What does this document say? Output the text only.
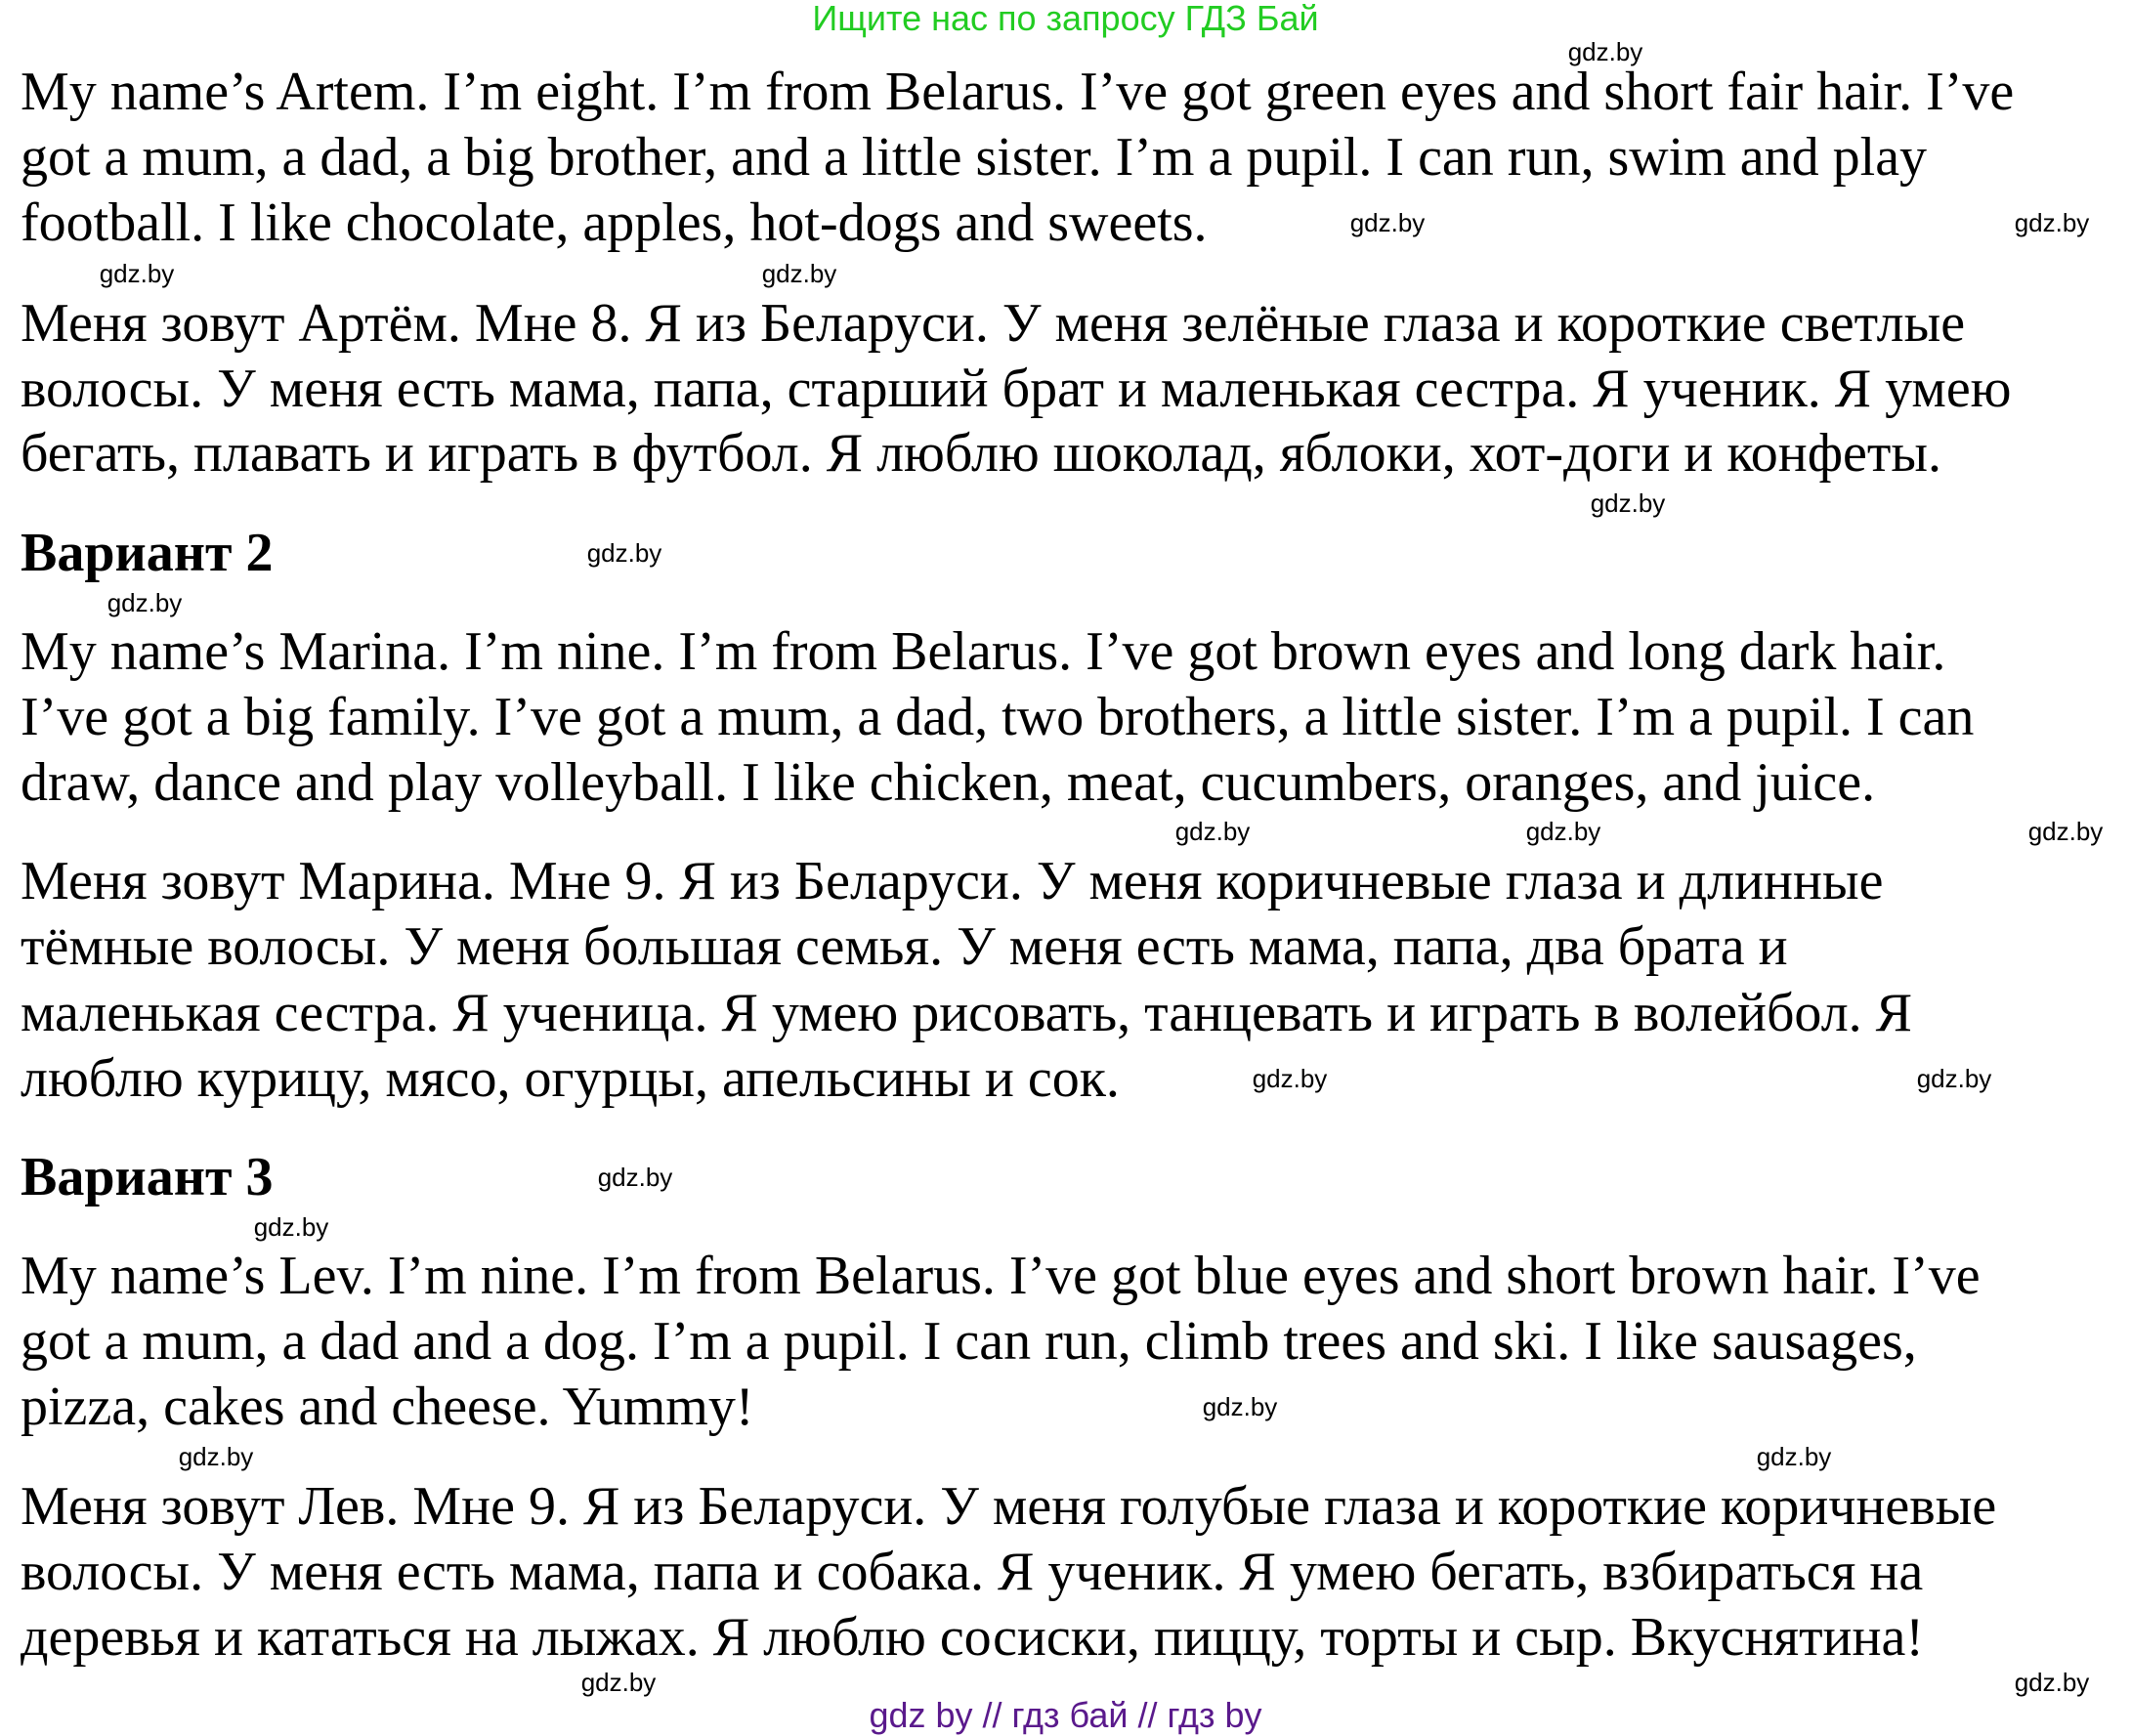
Ищите нас по запросу ГДЗ Бай
My name’s Artem. I’m eight. I’m from Belarus. I’ve got green eyes and short fair hair. I’ve
got a mum, a dad, a big brother, and a little sister. I’m a pupil. I can run, swim and play
football. I like chocolate, apples, hot-dogs and sweets.
Меня зовут Артём. Мне 8. Я из Беларуси. У меня зелёные глаза и короткие светлые
волосы. У меня есть мама, папа, старший брат и маленькая сестра. Я ученик. Я умею
бегать, плавать и играть в футбол. Я люблю шоколад, яблоки, хот-доги и конфеты.
Вариант 2
My name’s Marina. I’m nine. I’m from Belarus. I’ve got brown eyes and long dark hair.
I’ve got a big family. I’ve got a mum, a dad, two brothers, a little sister. I’m a pupil. I can
draw, dance and play volleyball. I like chicken, meat, cucumbers, oranges, and juice.
Меня зовут Марина. Мне 9. Я из Беларуси. У меня коричневые глаза и длинные
тёмные волосы. У меня большая семья. У меня есть мама, папа, два брата и
маленькая сестра. Я ученица. Я умею рисовать, танцевать и играть в волейбол. Я
люблю курицу, мясо, огурцы, апельсины и сок.
Вариант 3
My name’s Lev. I’m nine. I’m from Belarus. I’ve got blue eyes and short brown hair. I’ve
got a mum, a dad and a dog. I’m a pupil. I can run, climb trees and ski. I like sausages,
pizza, cakes and cheese. Yummy!
Меня зовут Лев. Мне 9. Я из Беларуси. У меня голубые глаза и короткие коричневые
волосы. У меня есть мама, папа и собака. Я ученик. Я умею бегать, взбираться на
деревья и кататься на лыжах. Я люблю сосиски, пиццу, торты и сыр. Вкуснятина!
gdz.by
gdz.by
gdz.by
gdz.by	gdz.by
gdz.by
gdz.by
gdz.by
gdz.by
gdz.by	gdz.by
gdz.by
gdz.by
gdz.by
gdz.by
gdz.by
gdz.by	gdz.by
gdz.by
gdz.by
gdz by // гдз бай // гдз by
